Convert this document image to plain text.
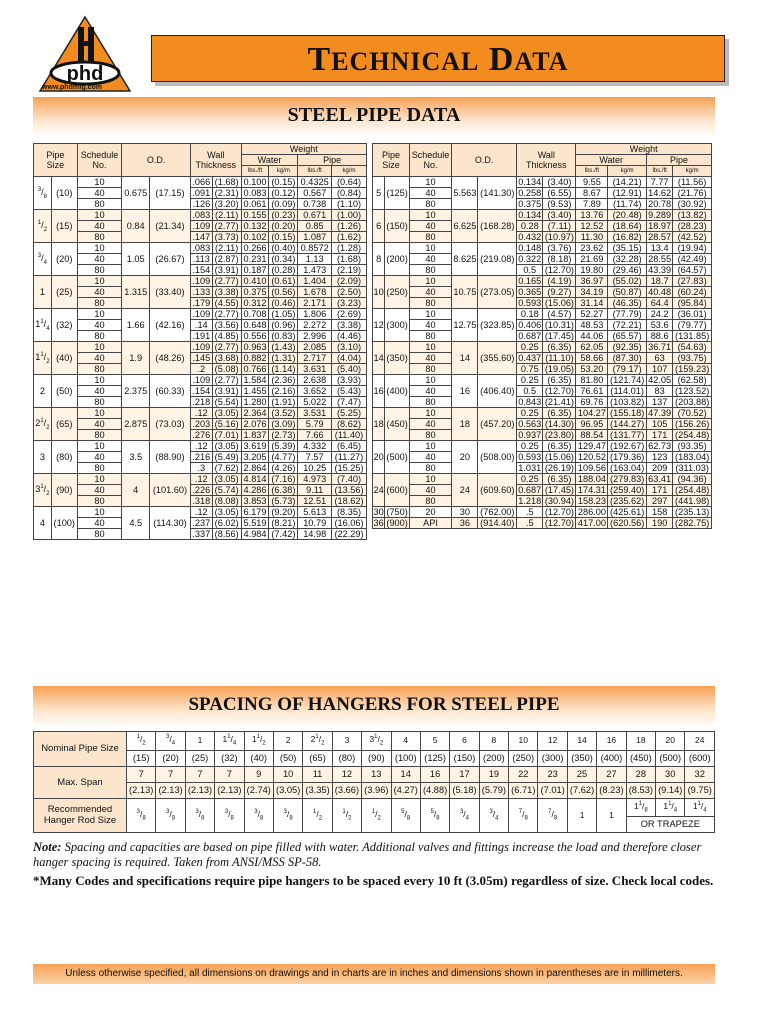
phd
www.phdmfg.com
TECHNICAL DATA
STEEL PIPE DATA
Pipe
Size		Schedule
No.	O.D.		Wall
Thickness		Weight			
							Water		Pipe	
							lbs./ft	kg/m	lbs./ft	kg/m
$^3/_8$	(10)	10	0.675	(17.15)	.066	(1.68)	0.100	(0.15)	0.4325	(0.64)
		40			.091	(2.31)	0.083	(0.12)	0.567	(0.84)
		80			.126	(3.20)	0.061	(0.09)	0.738	(1.10)
$^1/_2$	(15)	10	0.84	(21.34)	.083	(2.11)	0.155	(0.23)	0.671	(1.00)
		40			.109	(2.77)	0.132	(0.20)	0.85	(1.26)
		80			.147	(3.73)	0.102	(0.15)	1.087	(1.62)
$^3/_4$	(20)	10	1.05	(26.67)	.083	(2.11)	0.266	(0.40)	0.8572	(1.28)
		40			.113	(2.87)	0.231	(0.34)	1.13	(1.68)
		80			.154	(3.91)	0.187	(0.28)	1.473	(2.19)
1	(25)	10	1.315	(33.40)	.109	(2.77)	0.410	(0.61)	1.404	(2.09)
		40			.133	(3.38)	0.375	(0.56)	1.678	(2.50)
		80			.179	(4.55)	0.312	(0.46)	2.171	(3.23)
$1^1/_4$	(32)	10	1.66	(42.16)	.109	(2.77)	0.708	(1.05)	1.806	(2.69)
		40			.14	(3.56)	0.648	(0.96)	2.272	(3.38)
		80			.191	(4.85)	0.556	(0.83)	2.996	(4.46)
$1^1/_2$	(40)	10	1.9	(48.26)	.109	(2.77)	0.963	(1.43)	2.085	(3.10)
		40			.145	(3.68)	0.882	(1.31)	2.717	(4.04)
		80			.2	(5.08)	0.766	(1.14)	3.631	(5.40)
2	(50)	10	2.375	(60.33)	.109	(2.77)	1.584	(2.36)	2.638	(3.93)
		40			.154	(3.91)	1.455	(2.16)	3.652	(5.43)
		80			.218	(5.54)	1.280	(1.91)	5.022	(7.47)
$2^1/_2$	(65)	10	2.875	(73.03)	.12	(3.05)	2.364	(3.52)	3.531	(5.25)
		40			.203	(5.16)	2.076	(3.09)	5.79	(8.62)
		80			.276	(7.01)	1.837	(2.73)	7.66	(11.40)
3	(80)	10	3.5	(88.90)	.12	(3.05)	3.619	(5.39)	4.332	(6.45)
		40			.216	(5.49)	3.205	(4.77)	7.57	(11.27)
		80			.3	(7.62)	2.864	(4.26)	10.25	(15.25)
$3^1/_2$	(90)	10	4	(101.60)	.12	(3.05)	4.814	(7.16)	4.973	(7.40)
		40			.226	(5.74)	4.286	(6.38)	9.11	(13.56)
		80			.318	(8.08)	3.853	(5.73)	12.51	(18.62)
4	(100)	10	4.5	(114.30)	.12	(3.05)	6.179	(9.20)	5.613	(8.35)
		40			.237	(6.02)	5.519	(8.21)	10.79	(16.06)
		80			.337	(8.56)	4.984	(7.42)	14.98	(22.29)
Pipe
Size		Schedule
No.	O.D.		Wall
Thickness		Weight			
							Water		Pipe	
							lbs./ft	kg/m	lbs./ft	kg/m
5	(125)	10	5.563	(141.30)	0.134	(3.40)	9.55	(14.21)	7.77	(11.56)
		40			0.258	(6.55)	8.67	(12.91)	14.62	(21.76)
		80			0.375	(9.53)	7.89	(11.74)	20.78	(30.92)
6	(150)	10	6.625	(168.28)	0.134	(3.40)	13.76	(20.48)	9.289	(13.82)
		40			0.28	(7.11)	12.52	(18.64)	18.97	(28.23)
		80			0.432	(10.97)	11.30	(16.82)	28.57	(42.52)
8	(200)	10	8.625	(219.08)	0.148	(3.76)	23.62	(35.15)	13.4	(19.94)
		40			0.322	(8.18)	21.69	(32.28)	28.55	(42.49)
		80			0.5	(12.70)	19.80	(29.46)	43.39	(64.57)
10	(250)	10	10.75	(273.05)	0.165	(4.19)	36.97	(55.02)	18.7	(27.83)
		40			0.365	(9.27)	34.19	(50.87)	40.48	(60.24)
		80			0.593	(15.06)	31.14	(46.35)	64.4	(95.84)
12	(300)	10	12.75	(323.85)	0.18	(4.57)	52.27	(77.79)	24.2	(36.01)
		40			0.406	(10.31)	48.53	(72.21)	53.6	(79.77)
		80			0.687	(17.45)	44.06	(65.57)	88.6	(131.85)
14	(350)	10	14	(355.60)	0.25	(6.35)	62.05	(92.35)	36.71	(54.63)
		40			0.437	(11.10)	58.66	(87.30)	63	(93.75)
		80			0.75	(19.05)	53.20	(79.17)	107	(159.23)
16	(400)	10	16	(406.40)	0.25	(6.35)	81.80	(121.74)	42.05	(62.58)
		40			0.5	(12.70)	76.61	(114.01)	83	(123.52)
		80			0.843	(21.41)	69.76	(103.82)	137	(203.88)
18	(450)	10	18	(457.20)	0.25	(6.35)	104.27	(155.18)	47.39	(70.52)
		40			0.563	(14.30)	96.95	(144.27)	105	(156.26)
		80			0.937	(23.80)	88.54	(131.77)	171	(254.48)
20	(500)	10	20	(508.00)	0.25	(6.35)	129.47	(192.67)	62.73	(93.35)
		40			0.593	(15.06)	120.52	(179.36)	123	(183.04)
		80			1.031	(26.19)	109.56	(163.04)	209	(311.03)
24	(600)	10	24	(609.60)	0.25	(6.35)	188.04	(279.83)	63.41	(94.36)
		40			0.687	(17.45)	174.31	(259.40)	171	(254.48)
		80			1.218	(30.94)	158.23	(235.62)	297	(441.98)
30	(750)	20	30	(762.00)	.5	(12.70)	286.00	(425.61)	158	(235.13)
36	(900)	API	36	(914.40)	.5	(12.70)	417.00	(620.56)	190	(282.75)
SPACING OF HANGERS FOR STEEL PIPE
Nominal Pipe Size	$^1/_2$	$^3/_4$	1	$1^1/_4$	$1^1/_2$	2	$2^1/_2$	3	$3^1/_2$	4	5	6	8	10	12	14	16	18	20	24
	(15)	(20)	(25)	(32)	(40)	(50)	(65)	(80)	(90)	(100)	(125)	(150)	(200)	(250)	(300)	(350)	(400)	(450)	(500)	(600)
Max. Span	7	7	7	7	9	10	11	12	13	14	16	17	19	22	23	25	27	28	30	32
	(2.13)	(2.13)	(2.13)	(2.13)	(2.74)	(3.05)	(3.35)	(3.66)	(3.96)	(4.27)	(4.88)	(5.18)	(5.79)	(6.71)	(7.01)	(7.62)	(8.23)	(8.53)	(9.14)	(9.75)
Recommended Hanger Rod Size	$^3/_8$	$^3/_8$	$^3/_8$	$^3/_8$	$^3/_8$	$^3/_8$	$^1/_2$	$^1/_2$	$^1/_2$	$^5/_8$	$^5/_8$	$^3/_4$	$^3/_4$	$^7/_8$	$^7/_8$	1	1	$1^1/_8$	$1^1/_4$	$1^1/_4$
																		OR TRAPEZE		
Note: Spacing and capacities are based on pipe filled with water. Additional valves and fittings increase the load and therefore closer hanger spacing is required. Taken from ANSI/MSS SP-58.
*Many Codes and specifications require pipe hangers to be spaced every 10 ft (3.05m) regardless of size. Check local codes.
Unless otherwise specified, all dimensions on drawings and in charts are in inches and dimensions shown in parentheses are in millimeters.
